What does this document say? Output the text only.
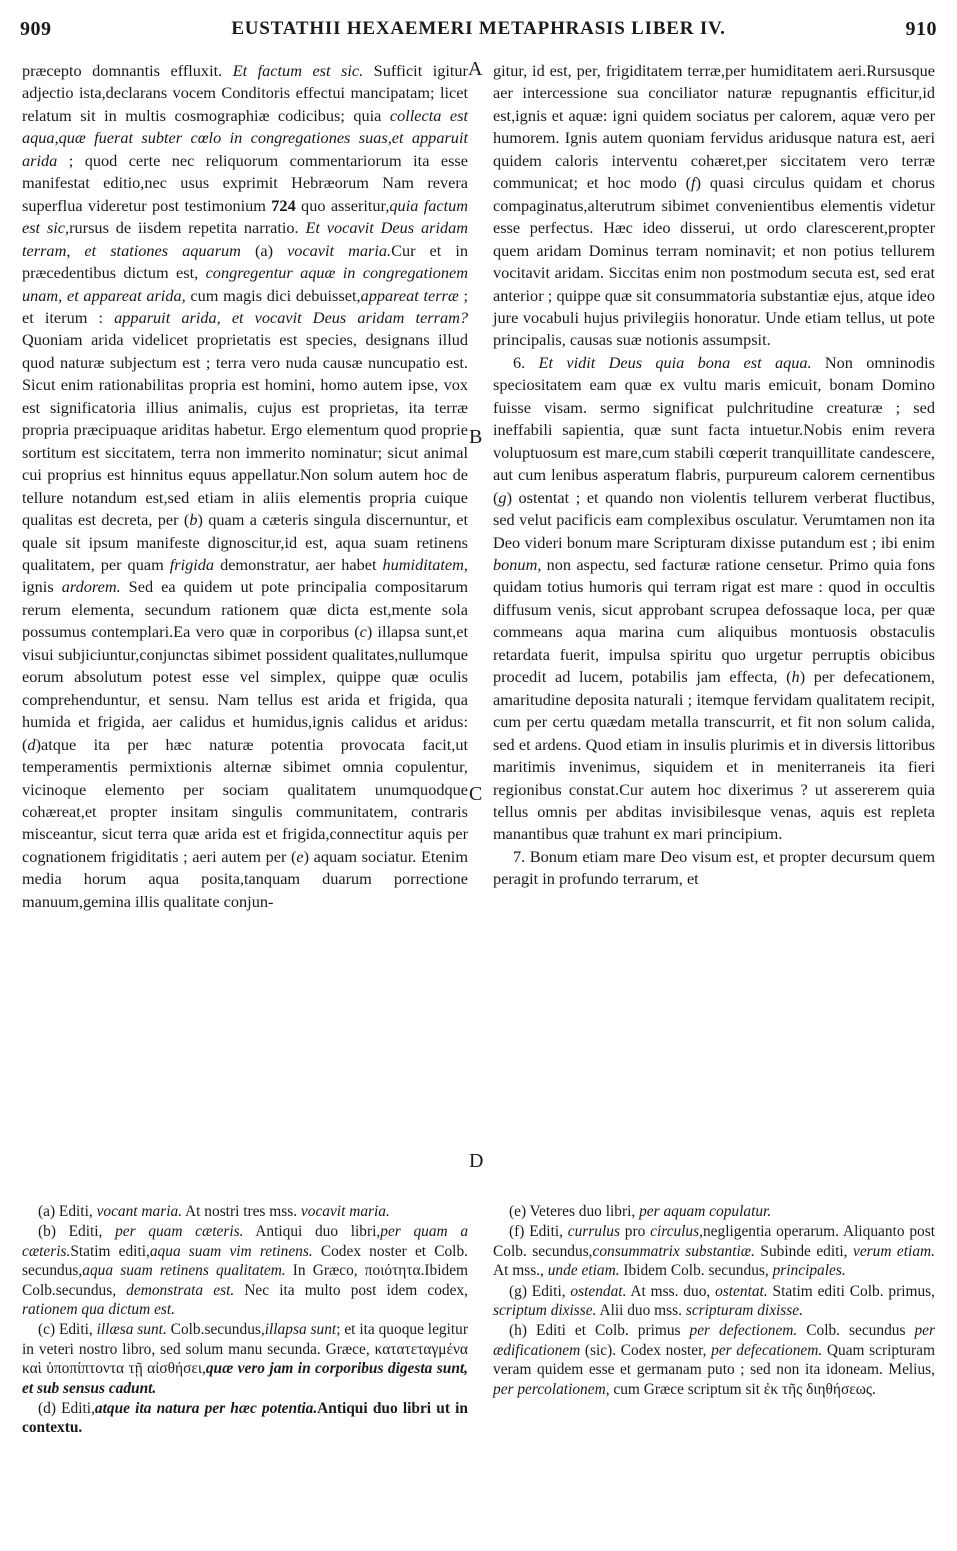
909	EUSTATHII HEXAEMERI METAPHRASIS LIBER IV.	910
A
B
C
D

præcepto domnantis effluxit. Et factum est sic. Sufficit igitur adjectio ista,declarans vocem Conditoris effectui mancipatam; licet relatum sit in multis cosmographiæ codicibus; quia collecta est aqua,quæ fuerat subter cœlo in congregationes suas,et apparuit arida ; quod certe nec reliquorum commentariorum ita esse manifestat editio,nec usus exprimit Hebræorum Nam revera superflua videretur post testimonium 724 quo asseritur,quia factum est sic,rursus de iisdem repetita narratio. Et vocavit Deus aridam terram, et stationes aquarum (a) vocavit maria.Cur et in præcedentibus dictum est, congregentur aquæ in congregationem unam, et appareat arida, cum magis dici debuisset,appareat terræ ; et iterum : apparuit arida, et vocavit Deus aridam terram? Quoniam arida videlicet proprietatis est species, designans illud quod naturæ subjectum est ; terra vero nuda causæ nuncupatio est. Sicut enim rationabilitas propria est homini, homo autem ipse, vox est significatoria illius animalis, cujus est proprietas, ita terræ propria præcipuaque ariditas habetur. Ergo elementum quod proprie sortitum est siccitatem, terra non immerito nominatur; sicut animal cui proprius est hinnitus equus appellatur.Non solum autem hoc de tellure notandum est,sed etiam in aliis elementis propria cuique qualitas est decreta, per (b) quam a cæteris singula discernuntur, et quale sit ipsum manifeste dignoscitur,id est, aqua suam retinens qualitatem, per quam frigida demonstratur, aer habet humiditatem, ignis ardorem. Sed ea quidem ut pote principalia compositarum rerum elementa, secundum rationem quæ dicta est,mente sola possumus contemplari.Ea vero quæ in corporibus (c) illapsa sunt,et visui subjiciuntur,conjunctas sibimet possident qualitates,nullumque eorum absolutum potest esse vel simplex, quippe quæ oculis comprehenduntur, et sensu. Nam tellus est arida et frigida, qua humida et frigida, aer calidus et humidus,ignis calidus et aridus: (d)atque ita per hæc naturæ potentia provocata facit,ut temperamentis permixtionis alternæ sibimet omnia copulentur, vicinoque elemento per sociam qualitatem unumquodque cohæreat,et propter insitam singulis communitatem, contraris misceantur, sicut terra quæ arida est et frigida,connectitur aquis per cognationem frigiditatis ; aeri autem per (e) aquam sociatur. Etenim media horum aqua posita,tanquam duarum porrectione manuum,gemina illis qualitate conjun-

gitur, id est, per, frigiditatem terræ,per humiditatem aeri.Rursusque aer intercessione sua conciliator naturæ repugnantis efficitur,id est,ignis et aquæ: igni quidem sociatus per calorem, aquæ vero per humorem. Ignis autem quoniam fervidus aridusque natura est, aeri quidem caloris interventu cohæret,per siccitatem vero terræ communicat; et hoc modo (f) quasi circulus quidam et chorus compaginatus,alterutrum sibimet convenientibus elementis videtur esse perfectus. Hæc ideo disserui, ut ordo clarescerent,propter quem aridam Dominus terram nominavit; et non potius tellurem vocitavit aridam. Siccitas enim non postmodum secuta est, sed erat anterior ; quippe quæ sit consummatoria substantiæ ejus, atque ideo jure vocabuli hujus privilegiis honoratur. Unde etiam tellus, ut pote principalis, causas suæ notionis assumpsit.

6. Et vidit Deus quia bona est aqua. Non omninodis speciositatem eam quæ ex vultu maris emicuit, bonam Domino fuisse visam. sermo significat pulchritudine creaturæ ; sed ineffabili sapientia, quæ sunt facta intuetur.Nobis enim revera voluptuosum est mare,cum stabili cœperit tranquillitate candescere, aut cum lenibus asperatum flabris, purpureum calorem cernentibus (g) ostentat ; et quando non violentis tellurem verberat fluctibus, sed velut pacificis eam complexibus osculatur. Verumtamen non ita Deo videri bonum mare Scripturam dixisse putandum est ; ibi enim bonum, non aspectu, sed facturæ ratione censetur. Primo quia fons quidam totius humoris qui terram rigat est mare : quod in occultis diffusum venis, sicut approbant scrupea defossaque loca, per quæ commeans aqua marina cum aliquibus montuosis obstaculis retardata fuerit, impulsa spiritu quo urgetur perruptis obicibus procedit ad lucem, potabilis jam effecta, (h) per defecationem, amaritudine deposita naturali ; itemque fervidam qualitatem recipit, cum per certu quædam metalla transcurrit, et fit non solum calida, sed et ardens. Quod etiam in insulis plurimis et in diversis littoribus maritimis invenimus, siquidem et in meniterraneis ita fieri regionibus constat.Cur autem hoc dixerimus ? ut assererem quia tellus omnis per abditas invisibilesque venas, aquis est repleta manantibus quæ trahunt ex mari principium.

7. Bonum etiam mare Deo visum est, et propter decursum quem peragit in profundo terrarum, et

(a) Editi, vocant maria. At nostri tres mss. vocavit maria.

(b) Editi, per quam cæteris. Antiqui duo libri,per quam a cæteris.Statim editi,aqua suam vim retinens. Codex noster et Colb. secundus,aqua suam retinens qualitatem. In Græco, ποιότητα.Ibidem Colb.secundus, demonstrata est. Nec ita multo post idem codex, rationem qua dictum est.

(c) Editi, illæsa sunt. Colb.secundus,illapsa sunt; et ita quoque legitur in veteri nostro libro, sed solum manu secunda. Græce, κατατεταγμένα καὶ ὑποπίπτοντα τῇ αἰσθήσει,quæ vero jam in corporibus digesta sunt, et sub sensus cadunt.

(d) Editi,atque ita natura per hæc potentia.Antiqui duo libri ut in contextu.

(e) Veteres duo libri, per aquam copulatur.

(f) Editi, currulus pro circulus,negligentia operarum. Aliquanto post Colb. secundus,consummatrix substantiæ. Subinde editi, verum etiam. At mss., unde etiam. Ibidem Colb. secundus, principales.

(g) Editi, ostendat. At mss. duo, ostentat. Statim editi Colb. primus, scriptum dixisse. Alii duo mss. scripturam dixisse.

(h) Editi et Colb. primus per defectionem. Colb. secundus per ædificationem (sic). Codex noster, per defecationem. Quam scripturam veram quidem esse et germanam puto ; sed non ita idoneam. Melius, per percolationem, cum Græce scriptum sit ἐκ τῆς διηθήσεως.
